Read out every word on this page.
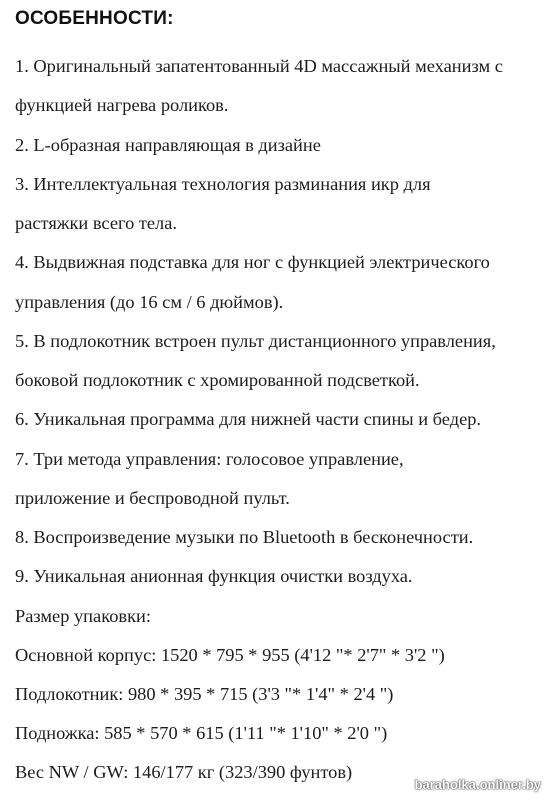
ОСОБЕННОСТИ:
1. Оригинальный запатентованный 4D массажный механизм с
функцией нагрева роликов.
2. L-образная направляющая в дизайне
3. Интеллектуальная технология разминания икр для
растяжки всего тела.
4. Выдвижная подставка для ног с функцией электрического
управления (до 16 см / 6 дюймов).
5. В подлокотник встроен пульт дистанционного управления,
боковой подлокотник с хромированной подсветкой.
6. Уникальная программа для нижней части спины и бедер.
7. Три метода управления: голосовое управление,
приложение и беспроводной пульт.
8. Воспроизведение музыки по Bluetooth в бесконечности.
9. Уникальная анионная функция очистки воздуха.
Размер упаковки:
Основной корпус: 1520 * 795 * 955 (4'12 "* 2'7" * 3'2 ")
Подлокотник: 980 * 395 * 715 (3'3 "* 1'4" * 2'4 ")
Подножка: 585 * 570 * 615 (1'11 "* 1'10" * 2'0 ")
Вес NW / GW: 146/177 кг (323/390 фунтов)
baraholka.onliner.by
